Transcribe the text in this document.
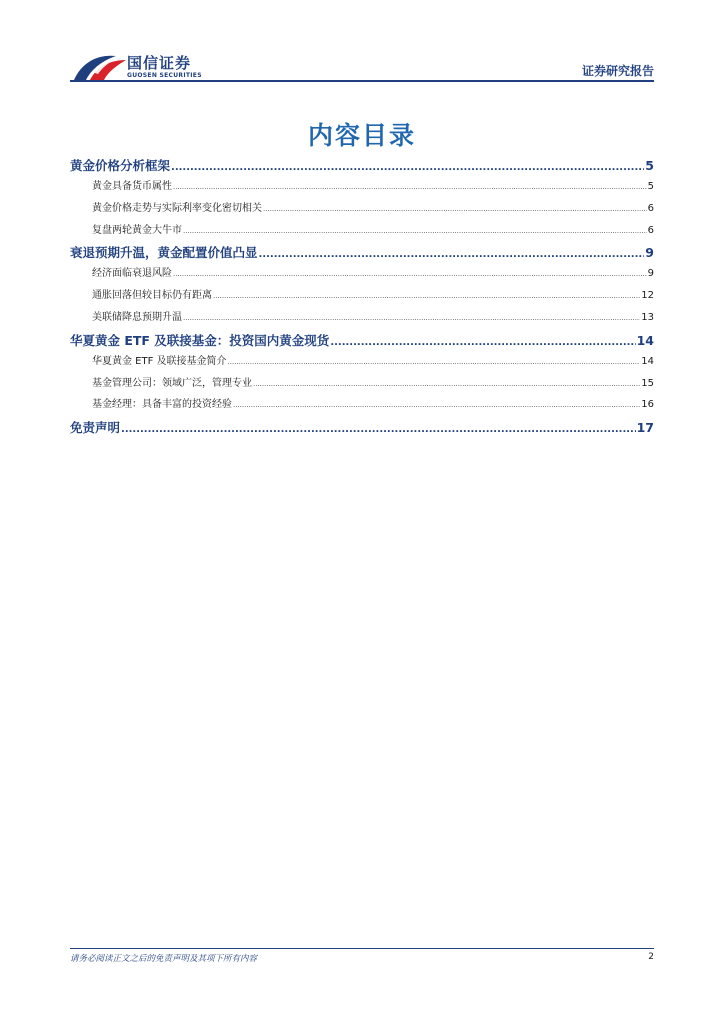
国信证券
GUOSEN SECURITIES	证券研究报告
内容目录
黄金价格分析框架 .....	5
黄金具备货币属性 .....	5
黄金价格走势与实际利率变化密切相关 .....	6
复盘两轮黄金大牛市 .....	6
衰退预期升温，黄金配置价值凸显 .....	9
经济面临衰退风险 .....	9
通胀回落但较目标仍有距离 .....	12
美联储降息预期升温 .....	13
华夏黄金 ETF 及联接基金：投资国内黄金现货 .....	14
华夏黄金 ETF 及联接基金简介 .....	14
基金管理公司：领域广泛，管理专业 .....	15
基金经理：具备丰富的投资经验 .....	16
免责声明 .....	17
请务必阅读正文之后的免责声明及其项下所有内容	2
